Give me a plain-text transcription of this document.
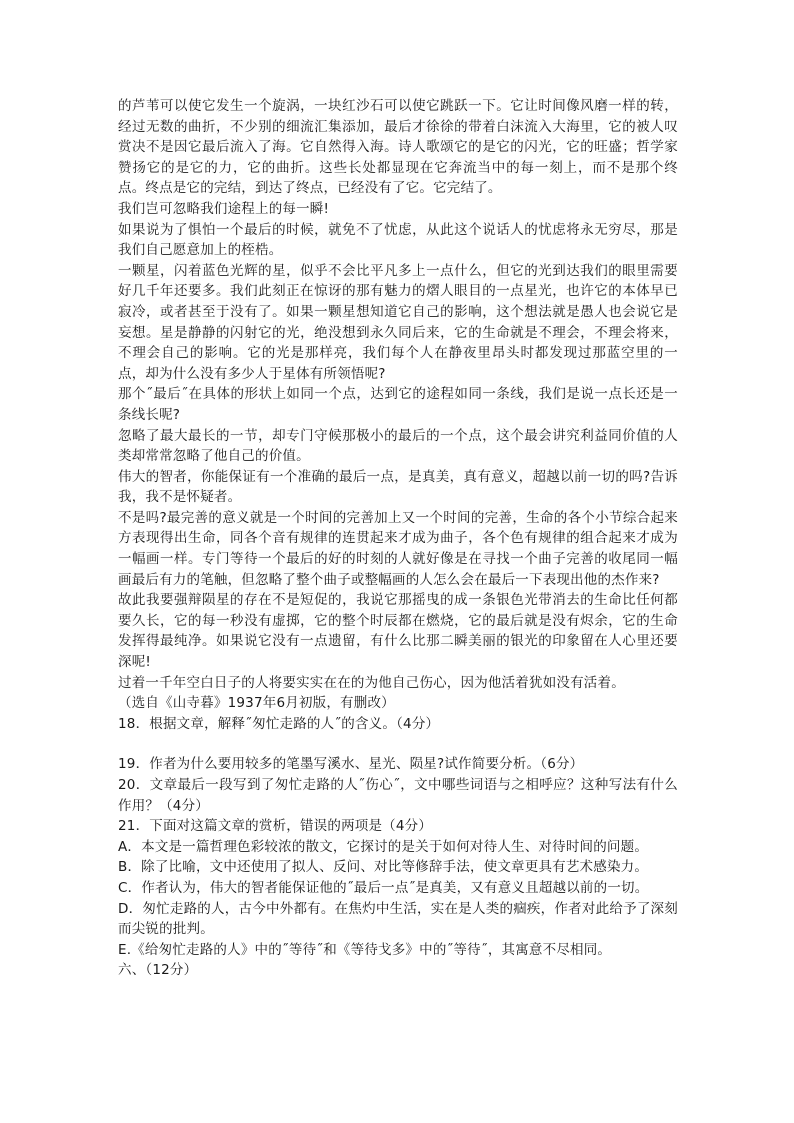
的芦苇可以使它发生一个旋涡，一块红沙石可以使它跳跃一下。它让时间像风磨一样的转，经过无数的曲折，不少别的细流汇集添加，最后才徐徐的带着白沫流入大海里，它的被人叹赏决不是因它最后流入了海。它自然得入海。诗人歌颂它的是它的闪光，它的旺盛；哲学家赞扬它的是它的力，它的曲折。这些长处都显现在它奔流当中的每一刻上，而不是那个终点。终点是它的完结，到达了终点，已经没有了它。它完结了。

我们岂可忽略我们途程上的每一瞬!

如果说为了惧怕一个最后的时候，就免不了忧虑，从此这个说话人的忧虑将永无穷尽，那是我们自己愿意加上的桎梏。

一颗星，闪着蓝色光辉的星，似乎不会比平凡多上一点什么，但它的光到达我们的眼里需要好几千年还要多。我们此刻正在惊讶的那有魅力的熠人眼目的一点星光，也许它的本体早已寂冷，或者甚至于没有了。如果一颗星想知道它自己的影响，这个想法就是愚人也会说它是妄想。星是静静的闪射它的光，绝没想到永久同后来，它的生命就是不理会，不理会将来，不理会自己的影响。它的光是那样亮，我们每个人在静夜里昂头时都发现过那蓝空里的一点，却为什么没有多少人于星体有所领悟呢?

那个˝最后˝在具体的形状上如同一个点，达到它的途程如同一条线，我们是说一点长还是一条线长呢?

忽略了最大最长的一节，却专门守候那极小的最后的一个点，这个最会讲究利益同价值的人类却常常忽略了他自己的价值。

伟大的智者，你能保证有一个准确的最后一点，是真美，真有意义，超越以前一切的吗?告诉我，我不是怀疑者。

不是吗?最完善的意义就是一个时间的完善加上又一个时间的完善，生命的各个小节综合起来方表现得出生命，同各个音有规律的连贯起来才成为曲子，各个色有规律的组合起来才成为一幅画一样。专门等待一个最后的好的时刻的人就好像是在寻找一个曲子完善的收尾同一幅画最后有力的笔触，但忽略了整个曲子或整幅画的人怎么会在最后一下表现出他的杰作来?

故此我要强辩陨星的存在不是短促的，我说它那摇曳的成一条银色光带消去的生命比任何都要久长，它的每一秒没有虚掷，它的整个时辰都在燃烧，它的最后就是没有烬余，它的生命发挥得最纯净。如果说它没有一点遗留，有什么比那二瞬美丽的银光的印象留在人心里还要深呢!

过着一千年空白日子的人将要实实在在的为他自己伤心，因为他活着犹如没有活着。

（选自《山寺暮》1937年6月初版，有删改）

18．根据文章，解释˝匆忙走路的人˝的含义。（4分）

19．作者为什么要用较多的笔墨写溪水、星光、陨星?试作简要分析。（6分）

20．文章最后一段写到了匆忙走路的人˝伤心˝，文中哪些词语与之相呼应？这种写法有什么作用？（4分）

21．下面对这篇文章的赏析，错误的两项是（4分）

A．本文是一篇哲理色彩较浓的散文，它探讨的是关于如何对待人生、对待时间的问题。

B．除了比喻，文中还使用了拟人、反问、对比等修辞手法，使文章更具有艺术感染力。

C．作者认为，伟大的智者能保证他的˝最后一点˝是真美，又有意义且超越以前的一切。

D．匆忙走路的人，古今中外都有。在焦灼中生活，实在是人类的痼疾，作者对此给予了深刻而尖锐的批判。

E.《给匆忙走路的人》中的˝等待˝和《等待戈多》中的˝等待˝，其寓意不尽相同。

六、（12分）
